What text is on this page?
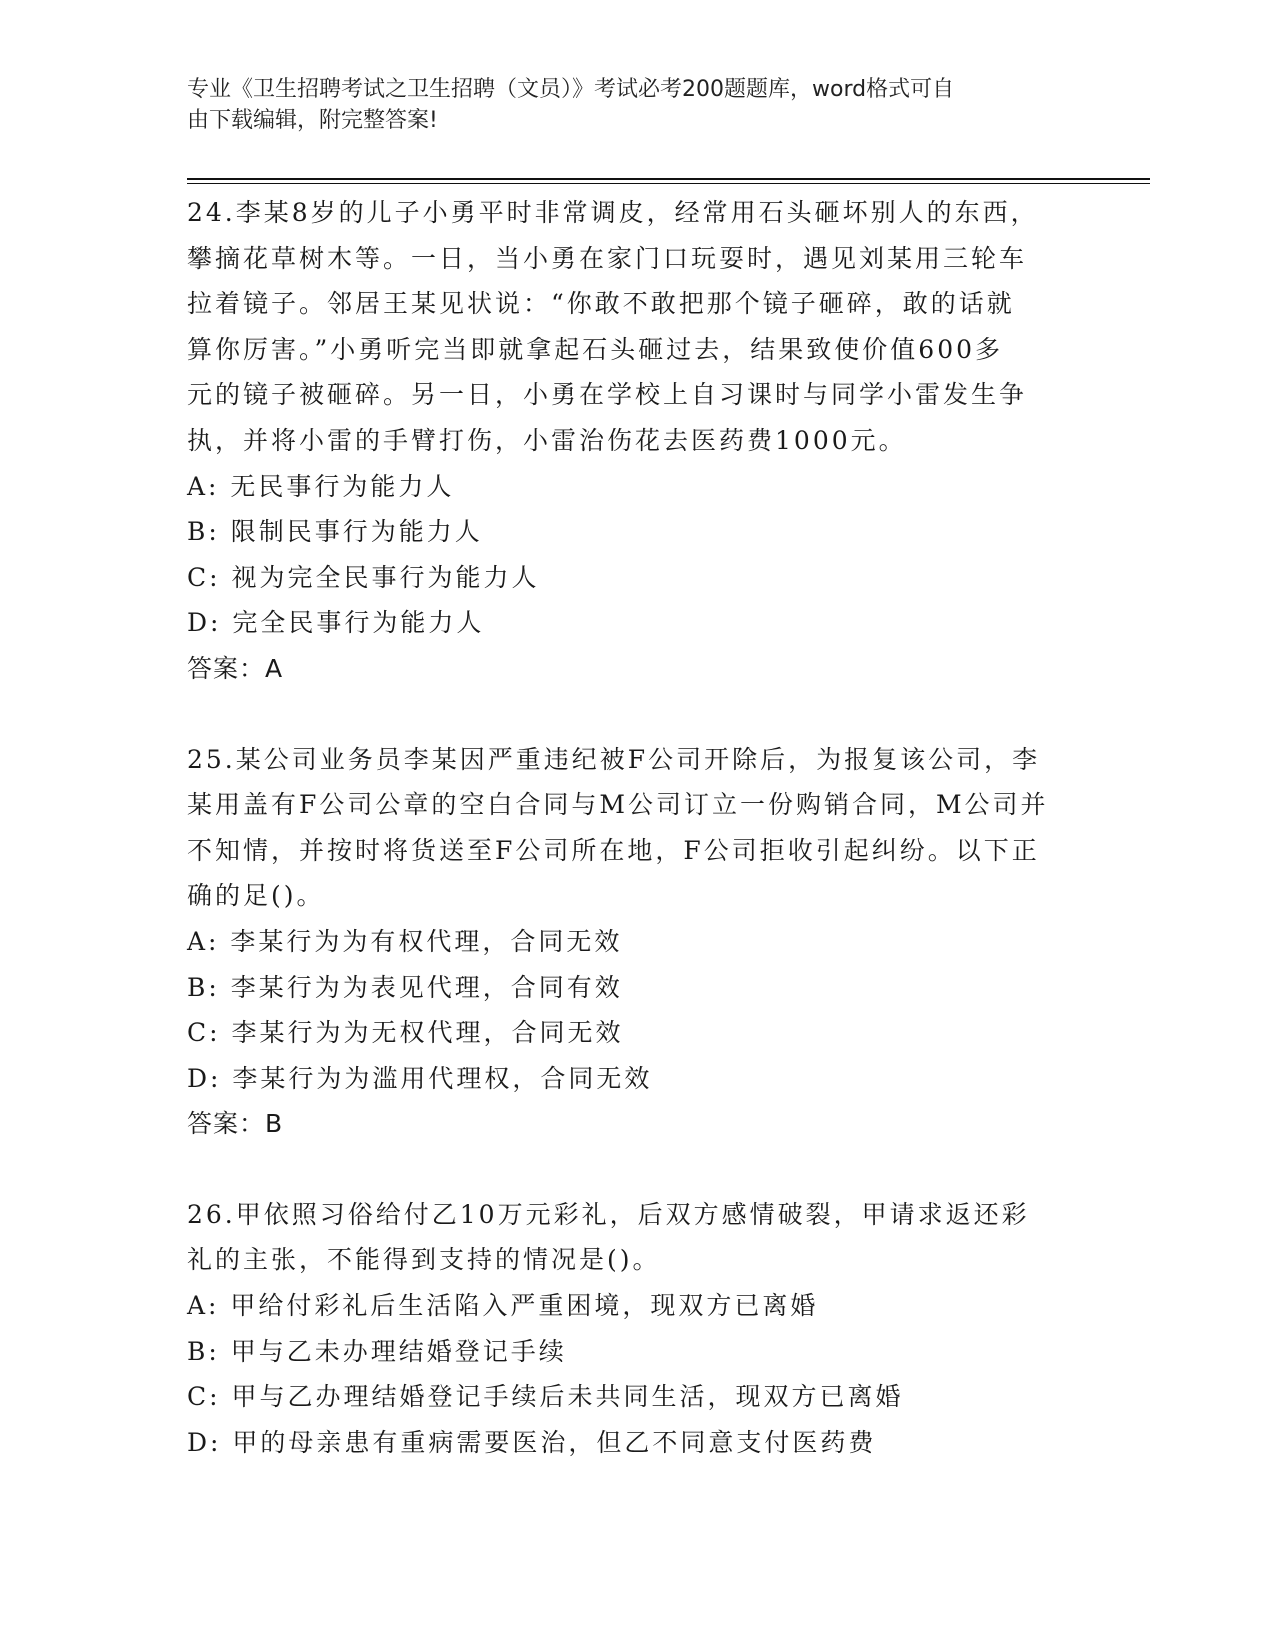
专业《卫生招聘考试之卫生招聘（文员）》考试必考200题题库，word格式可自

由下载编辑，附完整答案!

24.李某8岁的儿子小勇平时非常调皮，经常用石头砸坏别人的东西，

攀摘花草树木等。一日，当小勇在家门口玩耍时，遇见刘某用三轮车

拉着镜子。邻居王某见状说：“你敢不敢把那个镜子砸碎，敢的话就

算你厉害。”小勇听完当即就拿起石头砸过去，结果致使价值600多

元的镜子被砸碎。另一日，小勇在学校上自习课时与同学小雷发生争

执，并将小雷的手臂打伤，小雷治伤花去医药费1000元。

A: 无民事行为能力人

B: 限制民事行为能力人

C: 视为完全民事行为能力人

D: 完全民事行为能力人

答案：A

25.某公司业务员李某因严重违纪被F公司开除后，为报复该公司，李

某用盖有F公司公章的空白合同与M公司订立一份购销合同，M公司并

不知情，并按时将货送至F公司所在地，F公司拒收引起纠纷。以下正

确的足()。

A: 李某行为为有权代理，合同无效

B: 李某行为为表见代理，合同有效

C: 李某行为为无权代理，合同无效

D: 李某行为为滥用代理权，合同无效

答案：B

26.甲依照习俗给付乙10万元彩礼，后双方感情破裂，甲请求返还彩

礼的主张，不能得到支持的情况是()。

A: 甲给付彩礼后生活陷入严重困境，现双方已离婚

B: 甲与乙未办理结婚登记手续

C: 甲与乙办理结婚登记手续后未共同生活，现双方已离婚

D: 甲的母亲患有重病需要医治，但乙不同意支付医药费
